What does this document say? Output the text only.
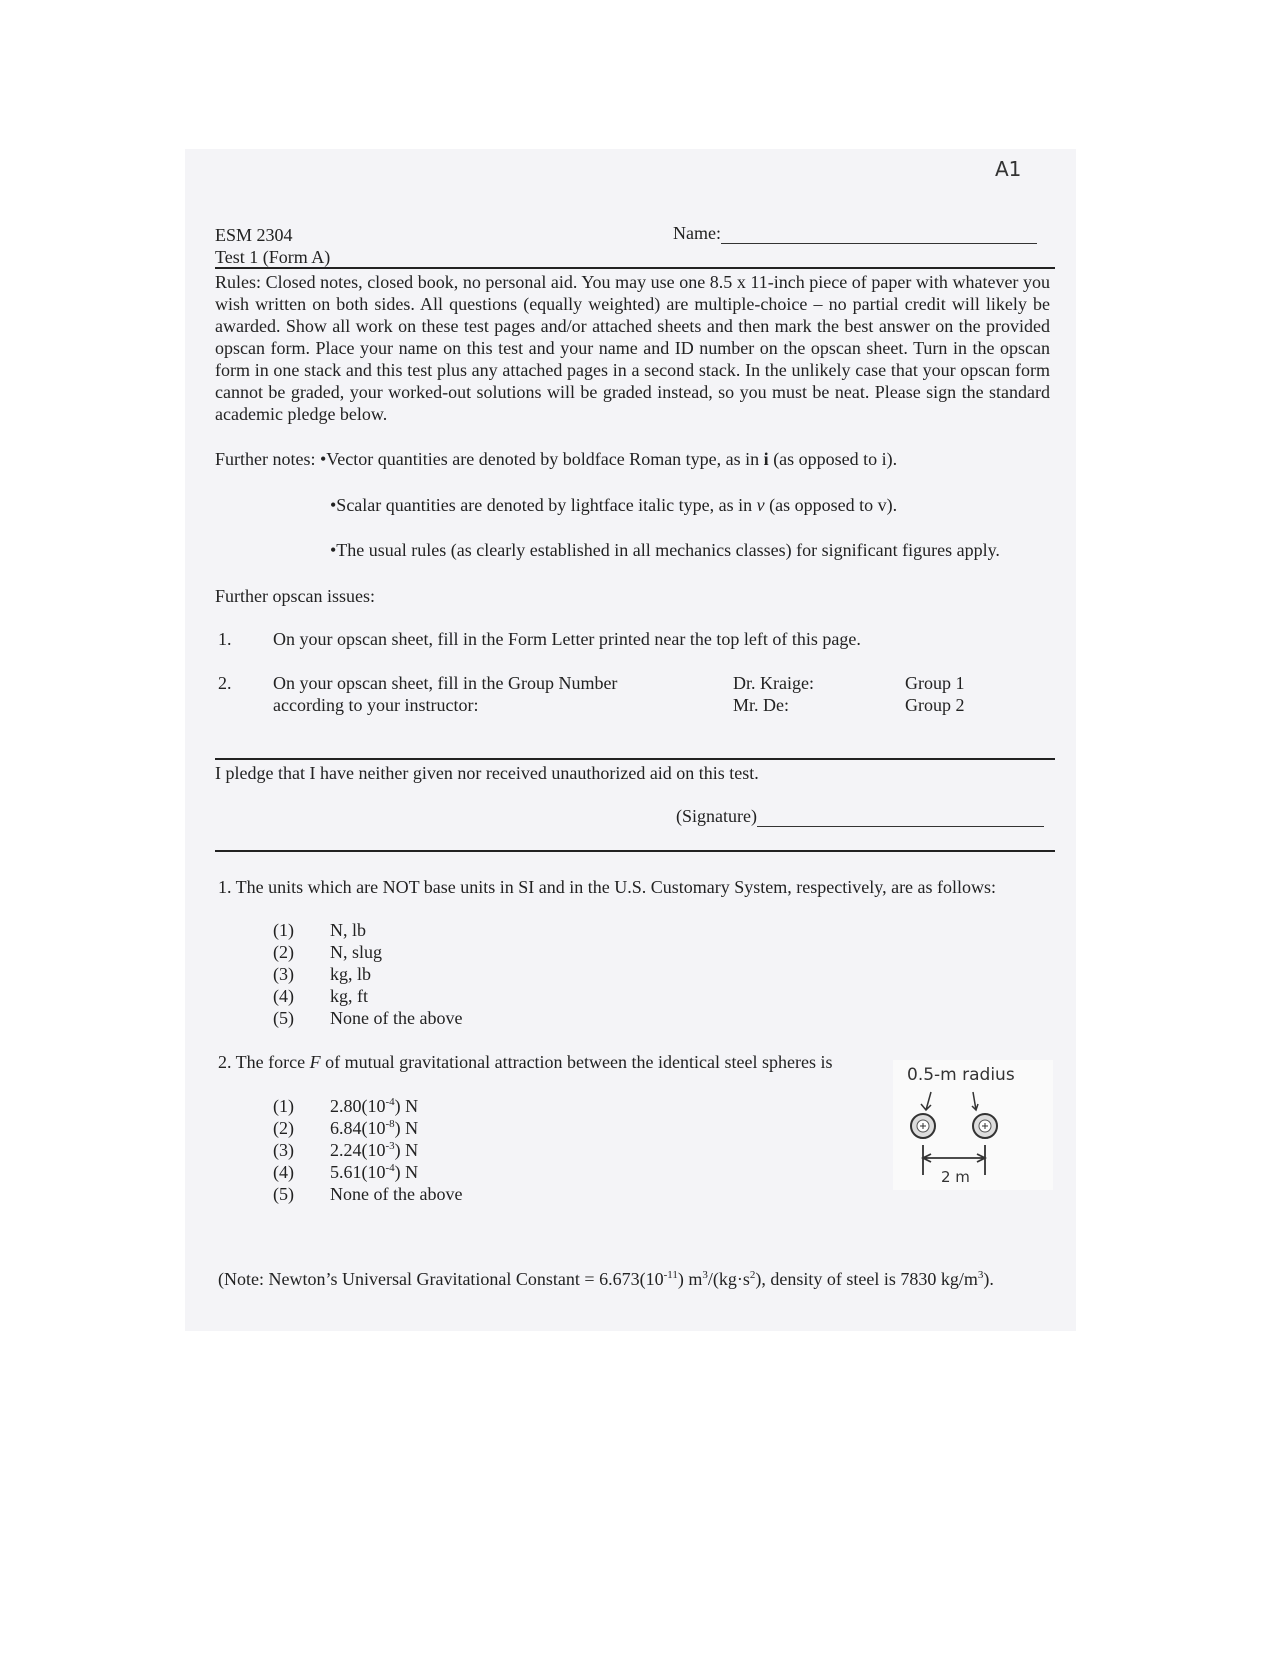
A1
ESM 2304
Test 1 (Form A)
Name:
Rules: Closed notes, closed book, no personal aid. You may use one 8.5 x 11-inch piece of paper with whatever you wish written on both sides. All questions (equally weighted) are multiple-choice – no partial credit will likely be awarded. Show all work on these test pages and/or attached sheets and then mark the best answer on the provided opscan form. Place your name on this test and your name and ID number on the opscan sheet. Turn in the opscan form in one stack and this test plus any attached pages in a second stack. In the unlikely case that your opscan form cannot be graded, your worked-out solutions will be graded instead, so you must be neat. Please sign the standard academic pledge below.
Further notes: •Vector quantities are denoted by boldface Roman type, as in i (as opposed to i).
•Scalar quantities are denoted by lightface italic type, as in v (as opposed to v).
•The usual rules (as clearly established in all mechanics classes) for significant figures apply.
Further opscan issues:
1. On your opscan sheet, fill in the Form Letter printed near the top left of this page.
2. On your opscan sheet, fill in the Group Number
according to your instructor:
Dr. Kraige:
Mr. De:
Group 1
Group 2
I pledge that I have neither given nor received unauthorized aid on this test.
(Signature)
1. The units which are NOT base units in SI and in the U.S. Customary System, respectively, are as follows:
(1) N, lb
(2) N, slug
(3) kg, lb
(4) kg, ft
(5) None of the above
2. The force F of mutual gravitational attraction between the identical steel spheres is
(1) $2.80(10^{-4})$ N
(2) $6.84(10^{-8})$ N
(3) $2.24(10^{-3})$ N
(4) $5.61(10^{-4})$ N
(5) None of the above
0.5-m radius
2 m
(Note: Newton’s Universal Gravitational Constant = $6.673(10^{-11})$ $m^3/(kg\cdot s^2)$, density of steel is 7830 $kg/m^3$).
